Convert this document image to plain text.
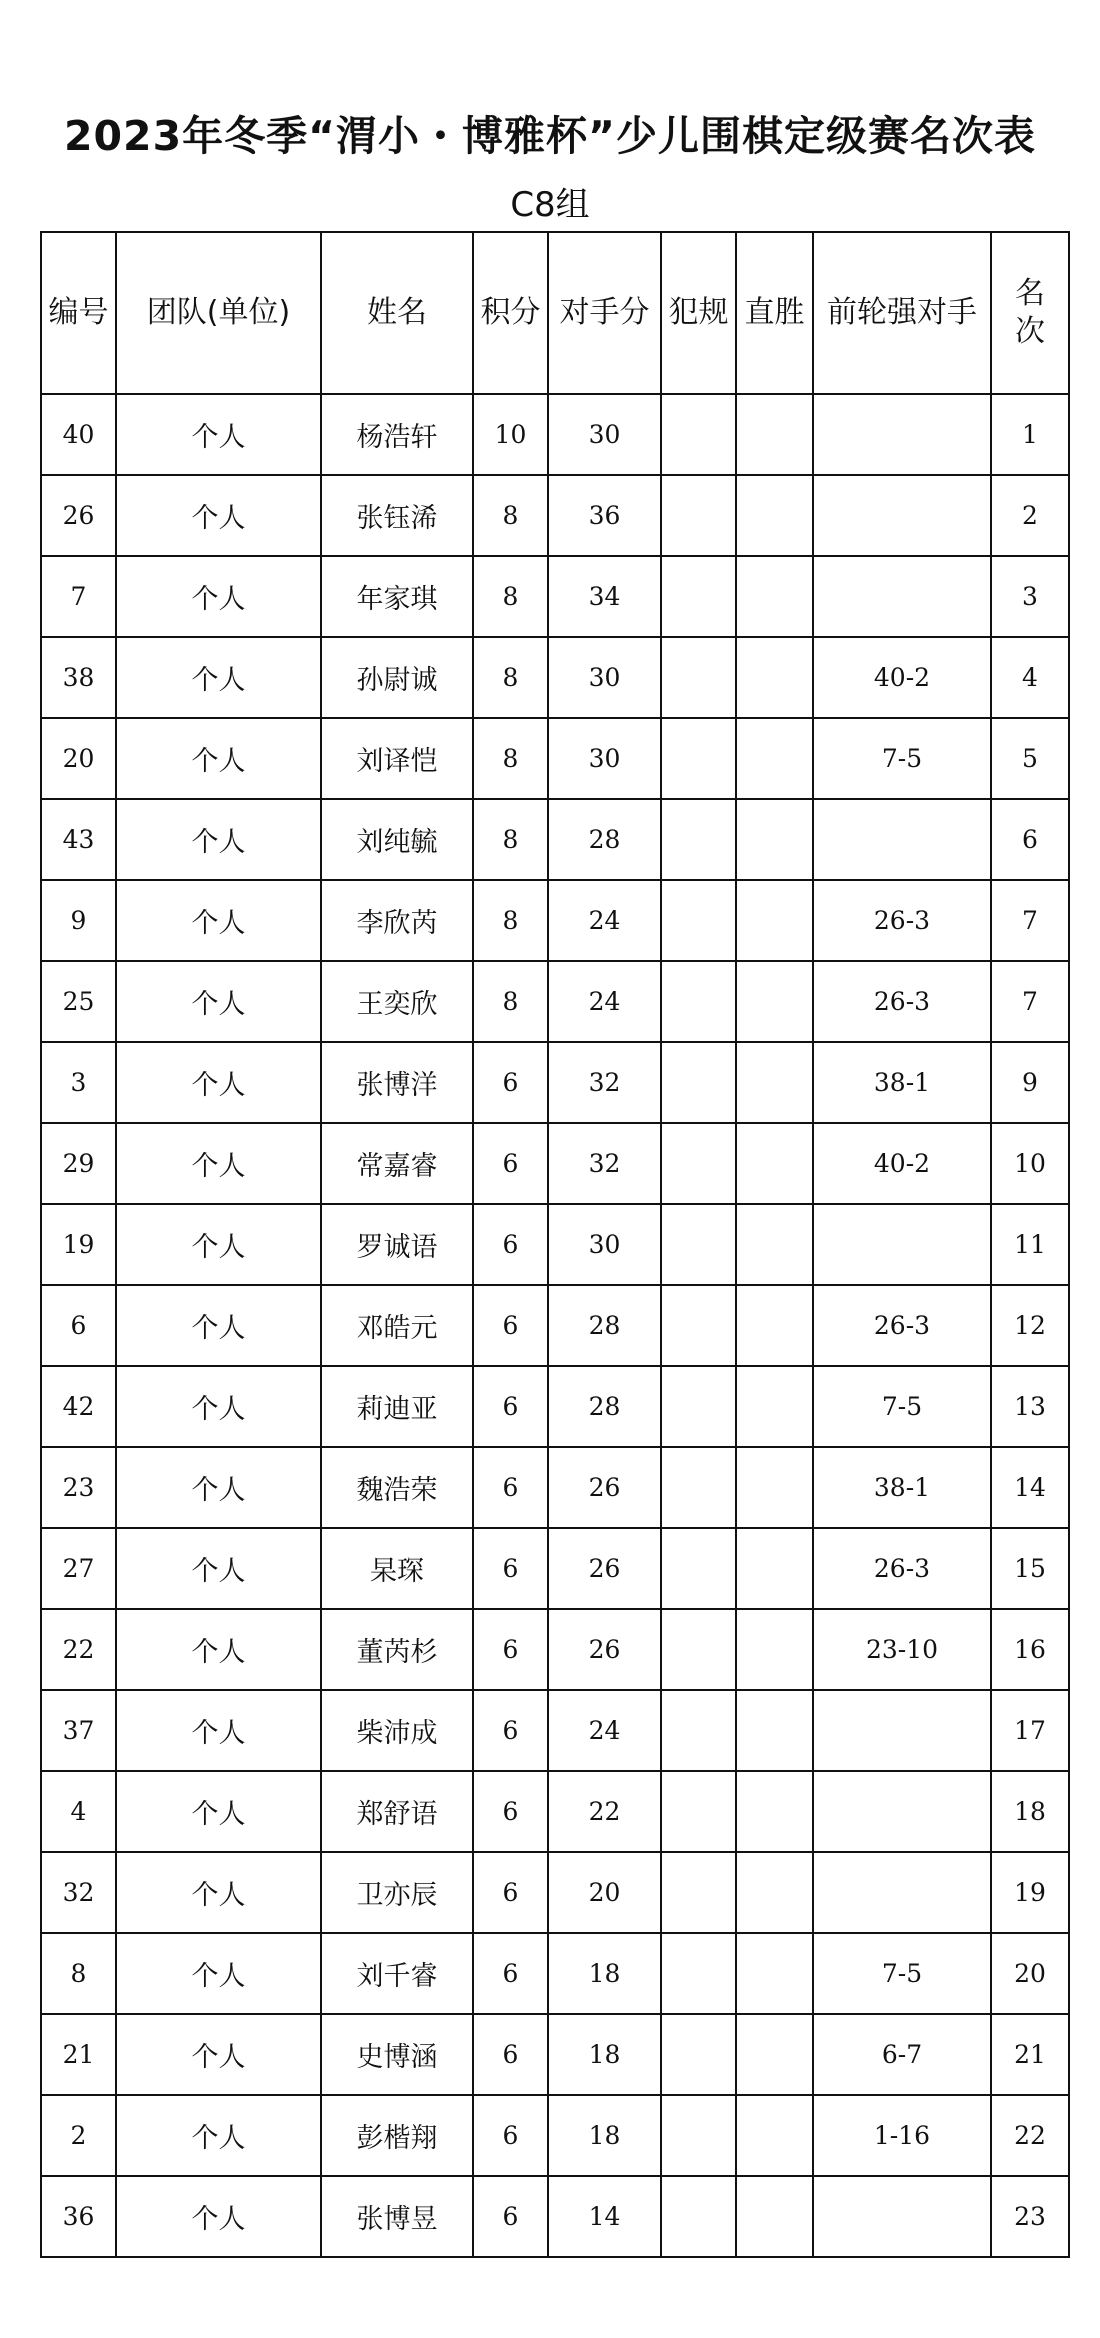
2023年冬季“渭小・博雅杯”少儿围棋定级赛名次表
C8组
编号	团队(单位)	姓名	积分	对手分	犯规	直胜	前轮强对手	名次
40	个人	杨浩轩	10	30				1
26	个人	张钰浠	8	36				2
7	个人	年家琪	8	34				3
38	个人	孙尉诚	8	30			40-2	4
20	个人	刘译恺	8	30			7-5	5
43	个人	刘纯毓	8	28				6
9	个人	李欣芮	8	24			26-3	7
25	个人	王奕欣	8	24			26-3	7
3	个人	张博洋	6	32			38-1	9
29	个人	常嘉睿	6	32			40-2	10
19	个人	罗诚语	6	30				11
6	个人	邓皓元	6	28			26-3	12
42	个人	莉迪亚	6	28			7-5	13
23	个人	魏浩荣	6	26			38-1	14
27	个人	杲琛	6	26			26-3	15
22	个人	董芮杉	6	26			23-10	16
37	个人	柴沛成	6	24				17
4	个人	郑舒语	6	22				18
32	个人	卫亦辰	6	20				19
8	个人	刘千睿	6	18			7-5	20
21	个人	史博涵	6	18			6-7	21
2	个人	彭楷翔	6	18			1-16	22
36	个人	张博昱	6	14				23
